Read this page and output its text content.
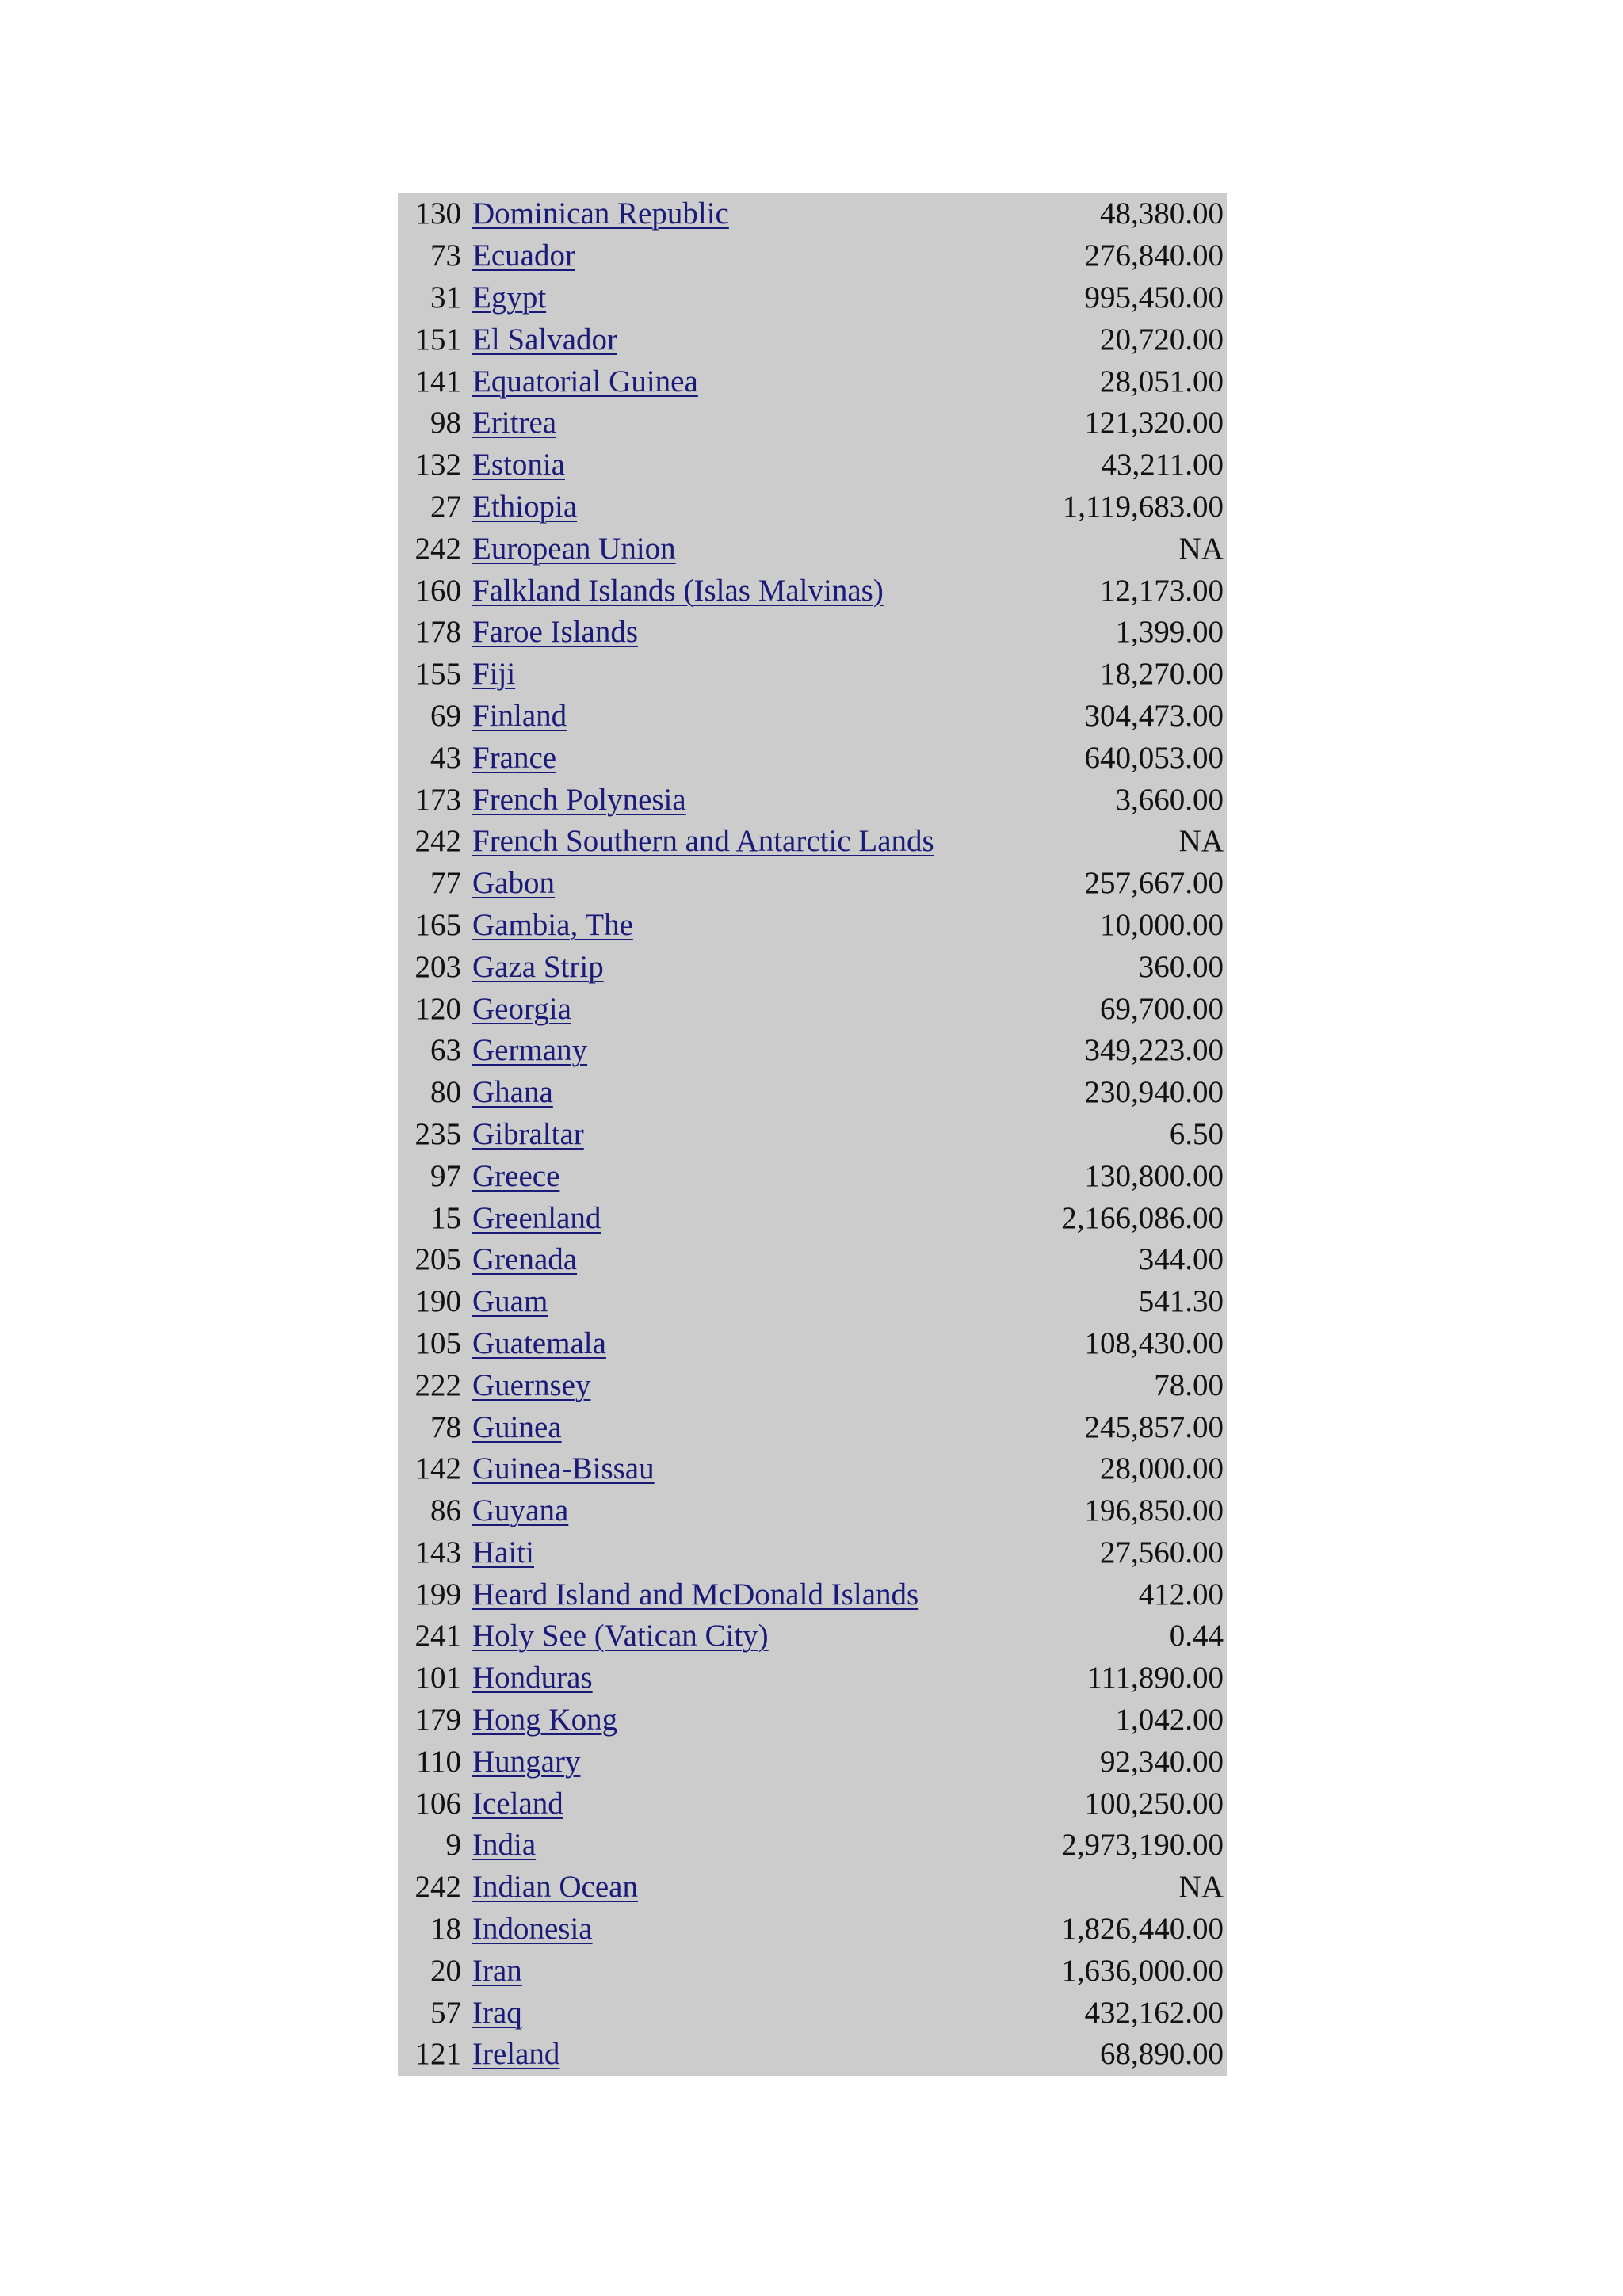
130	Dominican Republic	48,380.00
73	Ecuador	276,840.00
31	Egypt	995,450.00
151	El Salvador	20,720.00
141	Equatorial Guinea	28,051.00
98	Eritrea	121,320.00
132	Estonia	43,211.00
27	Ethiopia	1,119,683.00
242	European Union	NA
160	Falkland Islands (Islas Malvinas)	12,173.00
178	Faroe Islands	1,399.00
155	Fiji	18,270.00
69	Finland	304,473.00
43	France	640,053.00
173	French Polynesia	3,660.00
242	French Southern and Antarctic Lands	NA
77	Gabon	257,667.00
165	Gambia, The	10,000.00
203	Gaza Strip	360.00
120	Georgia	69,700.00
63	Germany	349,223.00
80	Ghana	230,940.00
235	Gibraltar	6.50
97	Greece	130,800.00
15	Greenland	2,166,086.00
205	Grenada	344.00
190	Guam	541.30
105	Guatemala	108,430.00
222	Guernsey	78.00
78	Guinea	245,857.00
142	Guinea-Bissau	28,000.00
86	Guyana	196,850.00
143	Haiti	27,560.00
199	Heard Island and McDonald Islands	412.00
241	Holy See (Vatican City)	0.44
101	Honduras	111,890.00
179	Hong Kong	1,042.00
110	Hungary	92,340.00
106	Iceland	100,250.00
9	India	2,973,190.00
242	Indian Ocean	NA
18	Indonesia	1,826,440.00
20	Iran	1,636,000.00
57	Iraq	432,162.00
121	Ireland	68,890.00
